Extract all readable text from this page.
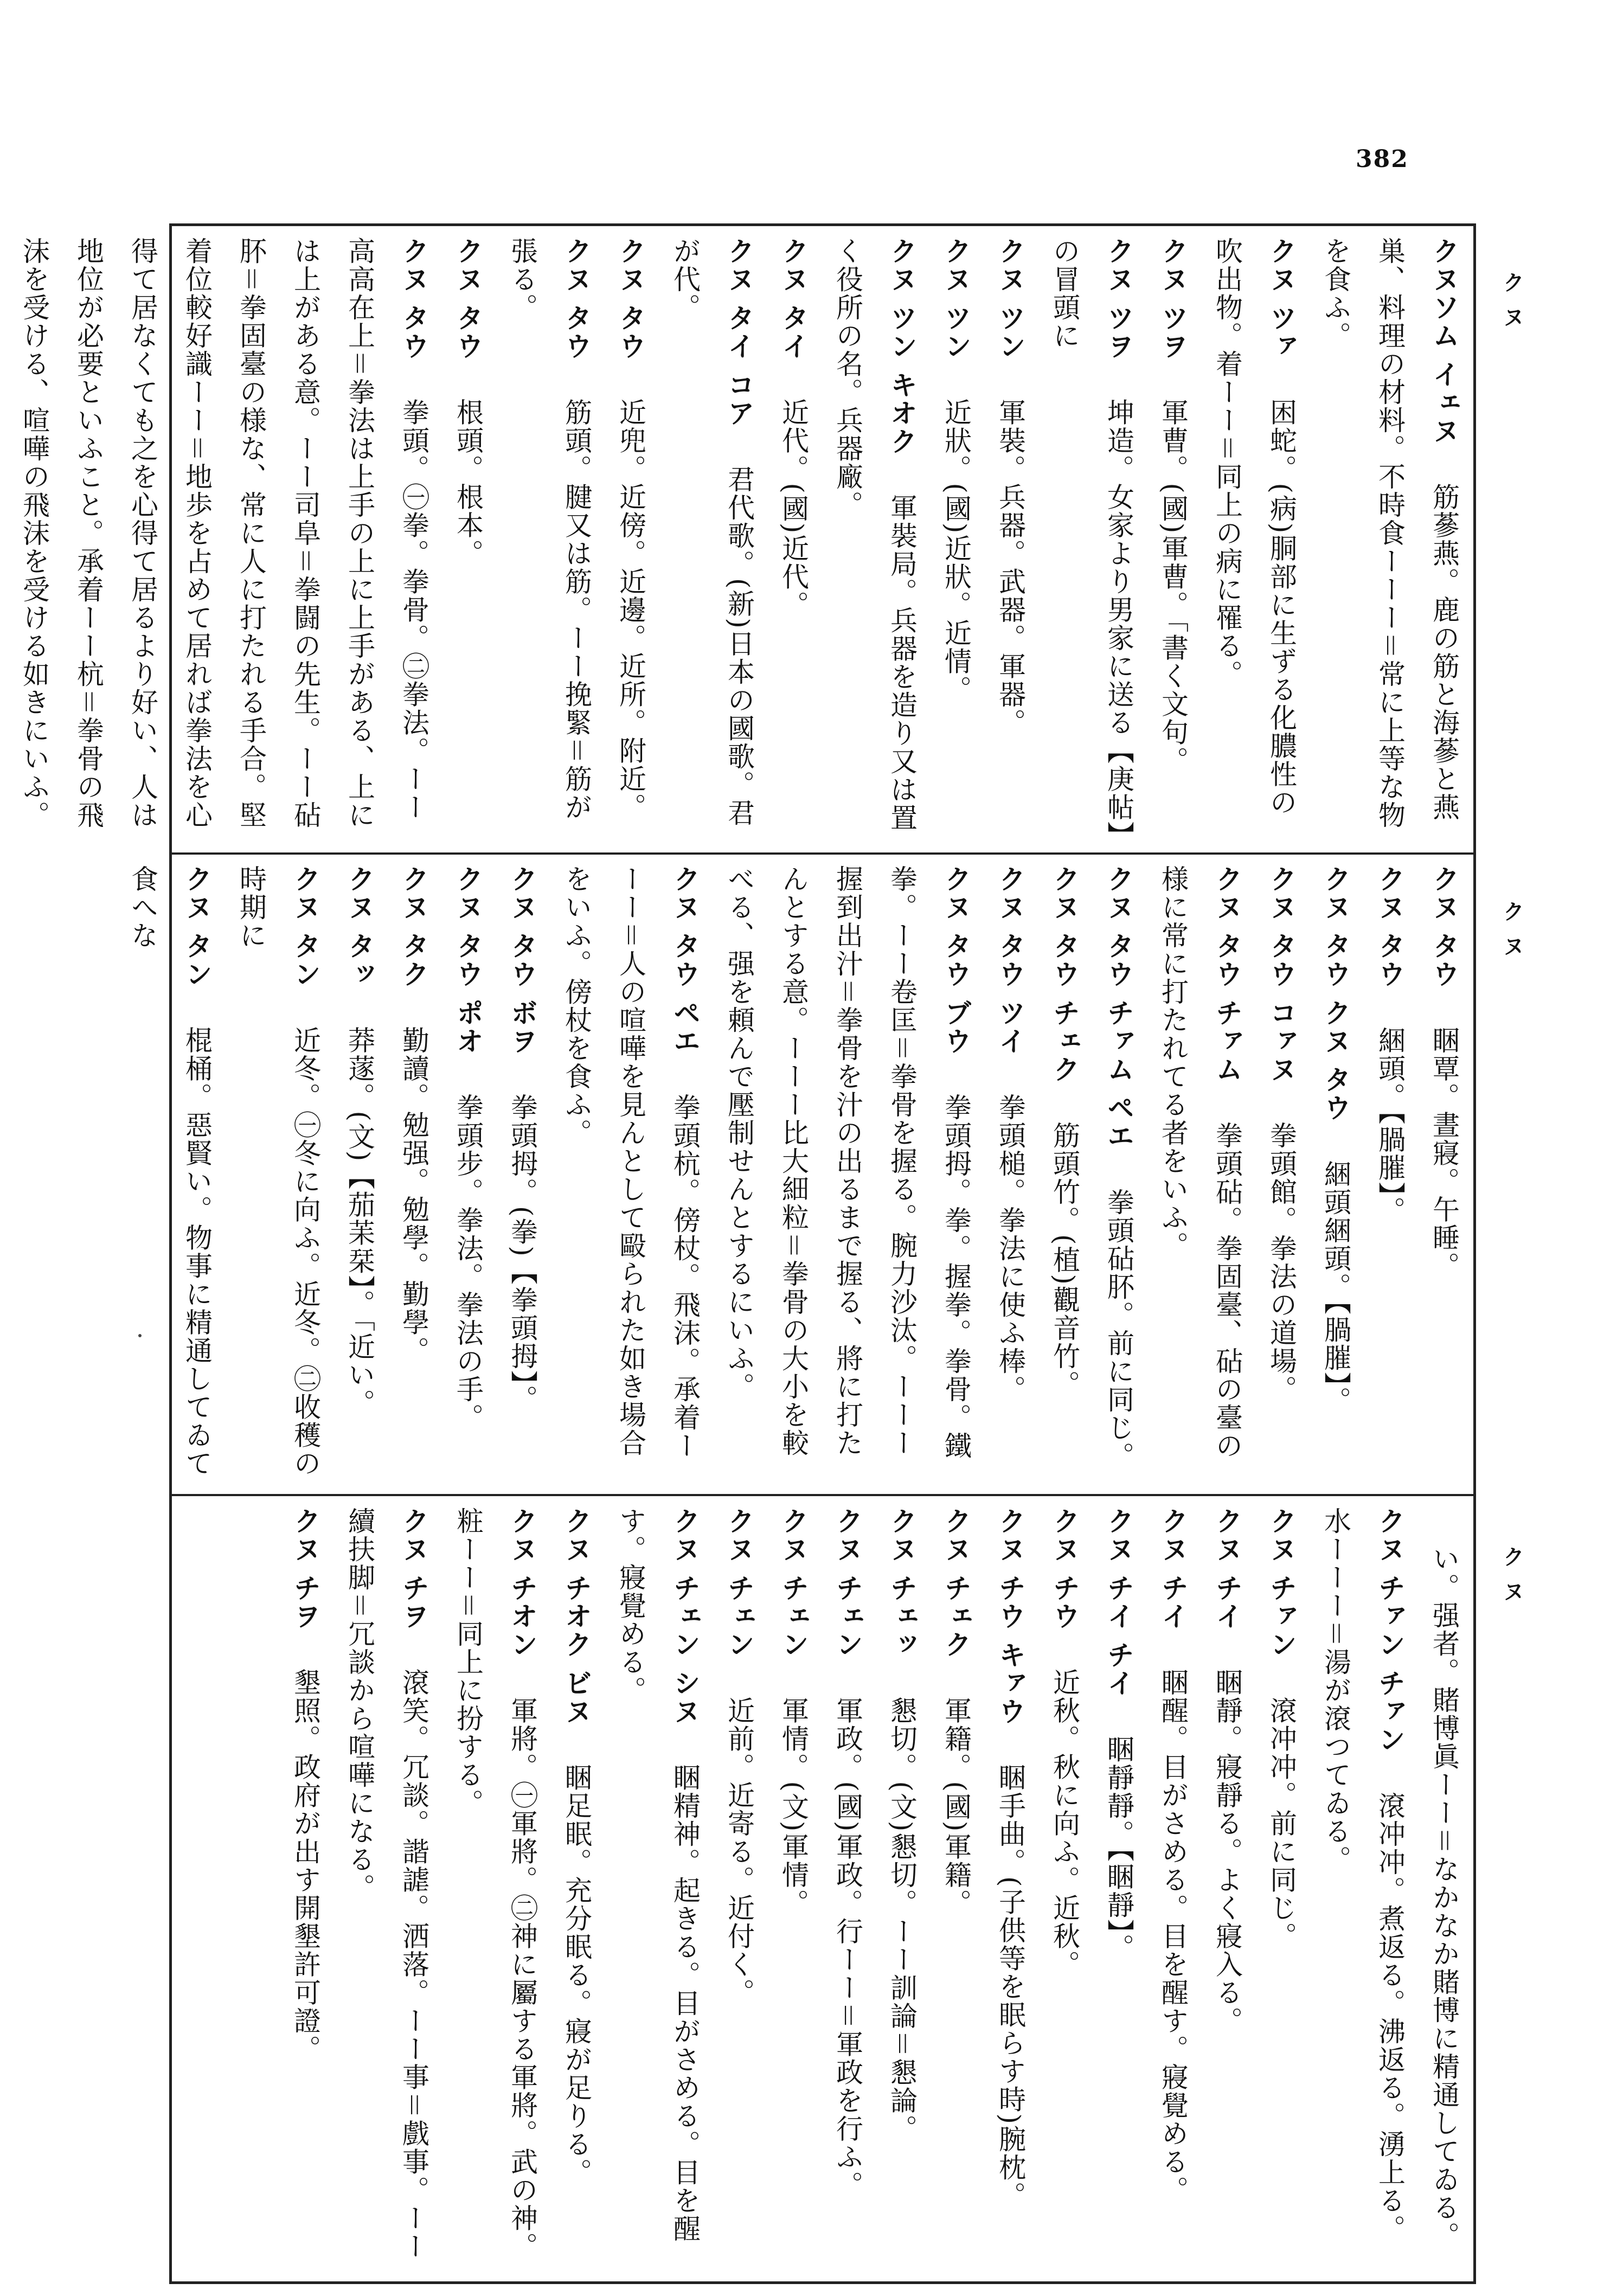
382
クヌ
クヌ
クヌ

クヌソム イェヌ　筋蔘燕。鹿の筋と海蔘と燕巣、料理の材料。不時食ーーー＝常に上等な物を食ふ。

クヌ ツァ　困蛇。(病)胴部に生ずる化膿性の吹出物。着ーー＝同上の病に罹る。

クヌ ツヲ　軍曹。(國)軍曹。「書く文句。

クヌ ツヲ　坤造。女家より男家に送る【庚帖】の冒頭に

クヌ ツン　軍裝。兵器。武器。軍器。

クヌ ツン　近狀。(國)近狀。近情。

クヌ ツン キオク　軍裝局。兵器を造り又は置く役所の名。兵器廠。

クヌ タイ　近代。(國)近代。

クヌ タイ コア　君代歌。(新)日本の國歌。君が代。

クヌ タウ　近兜。近傍。近邊。近所。附近。

クヌ タウ　筋頭。腱又は筋。ーー挽緊＝筋が張る。

クヌ タウ　根頭。根本。

クヌ タウ　拳頭。㊀拳。拳骨。㊁拳法。ーー高高在上＝拳法は上手の上に上手がある、上には上がある意。ーー司阜＝拳闘の先生。ーー砧肧＝拳固臺の様な、常に人に打たれる手合。堅着位較好識ーー＝地歩を占めて居れば拳法を心得て居なくても之を心得て居るより好い、人は地位が必要といふこと。承着ーー杭＝拳骨の飛沫を受ける、喧嘩の飛沫を受ける如きにいふ。

クヌ タウ　睏覃。晝寢。午睡。

クヌ タウ　綑頭。【腡膗】。

クヌ タウ クヌ タウ　綑頭綑頭。【腡膗】。

クヌ タウ コァヌ　拳頭館。拳法の道場。

クヌ タウ チァム　拳頭砧。拳固臺、砧の臺の様に常に打たれてる者をいふ。

クヌ タウ チァム ペエ　拳頭砧肧。前に同じ。

クヌ タウ チェク　筋頭竹。(植)觀音竹。

クヌ タウ ツイ　拳頭槌。拳法に使ふ棒。

クヌ タウ ブウ　拳頭拇。拳。握拳。拳骨。鐵拳。ーー卷匡＝拳骨を握る。腕力沙汰。ーーー握到出汁＝拳骨を汁の出るまで握る、將に打たんとする意。ーーー比大細粒＝拳骨の大小を較べる、强を頼んで壓制せんとするにいふ。

クヌ タウ ペエ　拳頭杭。傍杖。飛沫。承着ーーー＝人の喧嘩を見んとして毆られた如き場合をいふ。傍杖を食ふ。

クヌ タウ ボヲ　拳頭拇。(拳)【拳頭拇】。

クヌ タウ ポオ　拳頭步。拳法。拳法の手。

クヌ タク　勤讀。勉强。勉學。勤學。

クヌ タッ　莽蓫。(文)【茄苿栞】。「近い。

クヌ タン　近冬。㊀冬に向ふ。近冬。㊁收穫の時期に

クヌ タン　棍桶。惡賢い。物事に精通してゐて食へな

　い。强者。賭博眞ーー＝なかなか賭博に精通してゐる。

クヌ チァン チァン　滾冲冲。煮返る。沸返る。湧上る。水ーーー＝湯が滾つてゐる。

クヌ チァン　滾冲冲。前に同じ。

クヌ チイ　睏靜。寢靜る。よく寢入る。

クヌ チイ　睏醒。目がさめる。目を醒す。寢覺める。

クヌ チイ チイ　睏靜靜。【睏靜】。

クヌ チウ　近秋。秋に向ふ。近秋。

クヌ チウ キァウ　睏手曲。(子供等を眠らす時)腕枕。

クヌ チェク　軍籍。(國)軍籍。

クヌ チェッ　懇切。(文)懇切。ーー訓論＝懇論。

クヌ チェン　軍政。(國)軍政。行ーー＝軍政を行ふ。

クヌ チェン　軍情。(文)軍情。

クヌ チェン　近前。近寄る。近付く。

クヌ チェン シヌ　睏精神。起きる。目がさめる。目を醒す。寢覺める。

クヌ チオク ビヌ　睏足眠。充分眠る。寢が足りる。

クヌ チオン　軍將。㊀軍將。㊁神に屬する軍將。武の神。粧ーー＝同上に扮する。

クヌ チヲ　滾笑。冗談。諧謔。洒落。ーー事＝戲事。ーー續扶脚＝冗談から喧嘩になる。

クヌ チヲ　墾照。政府が出す開墾許可證。
